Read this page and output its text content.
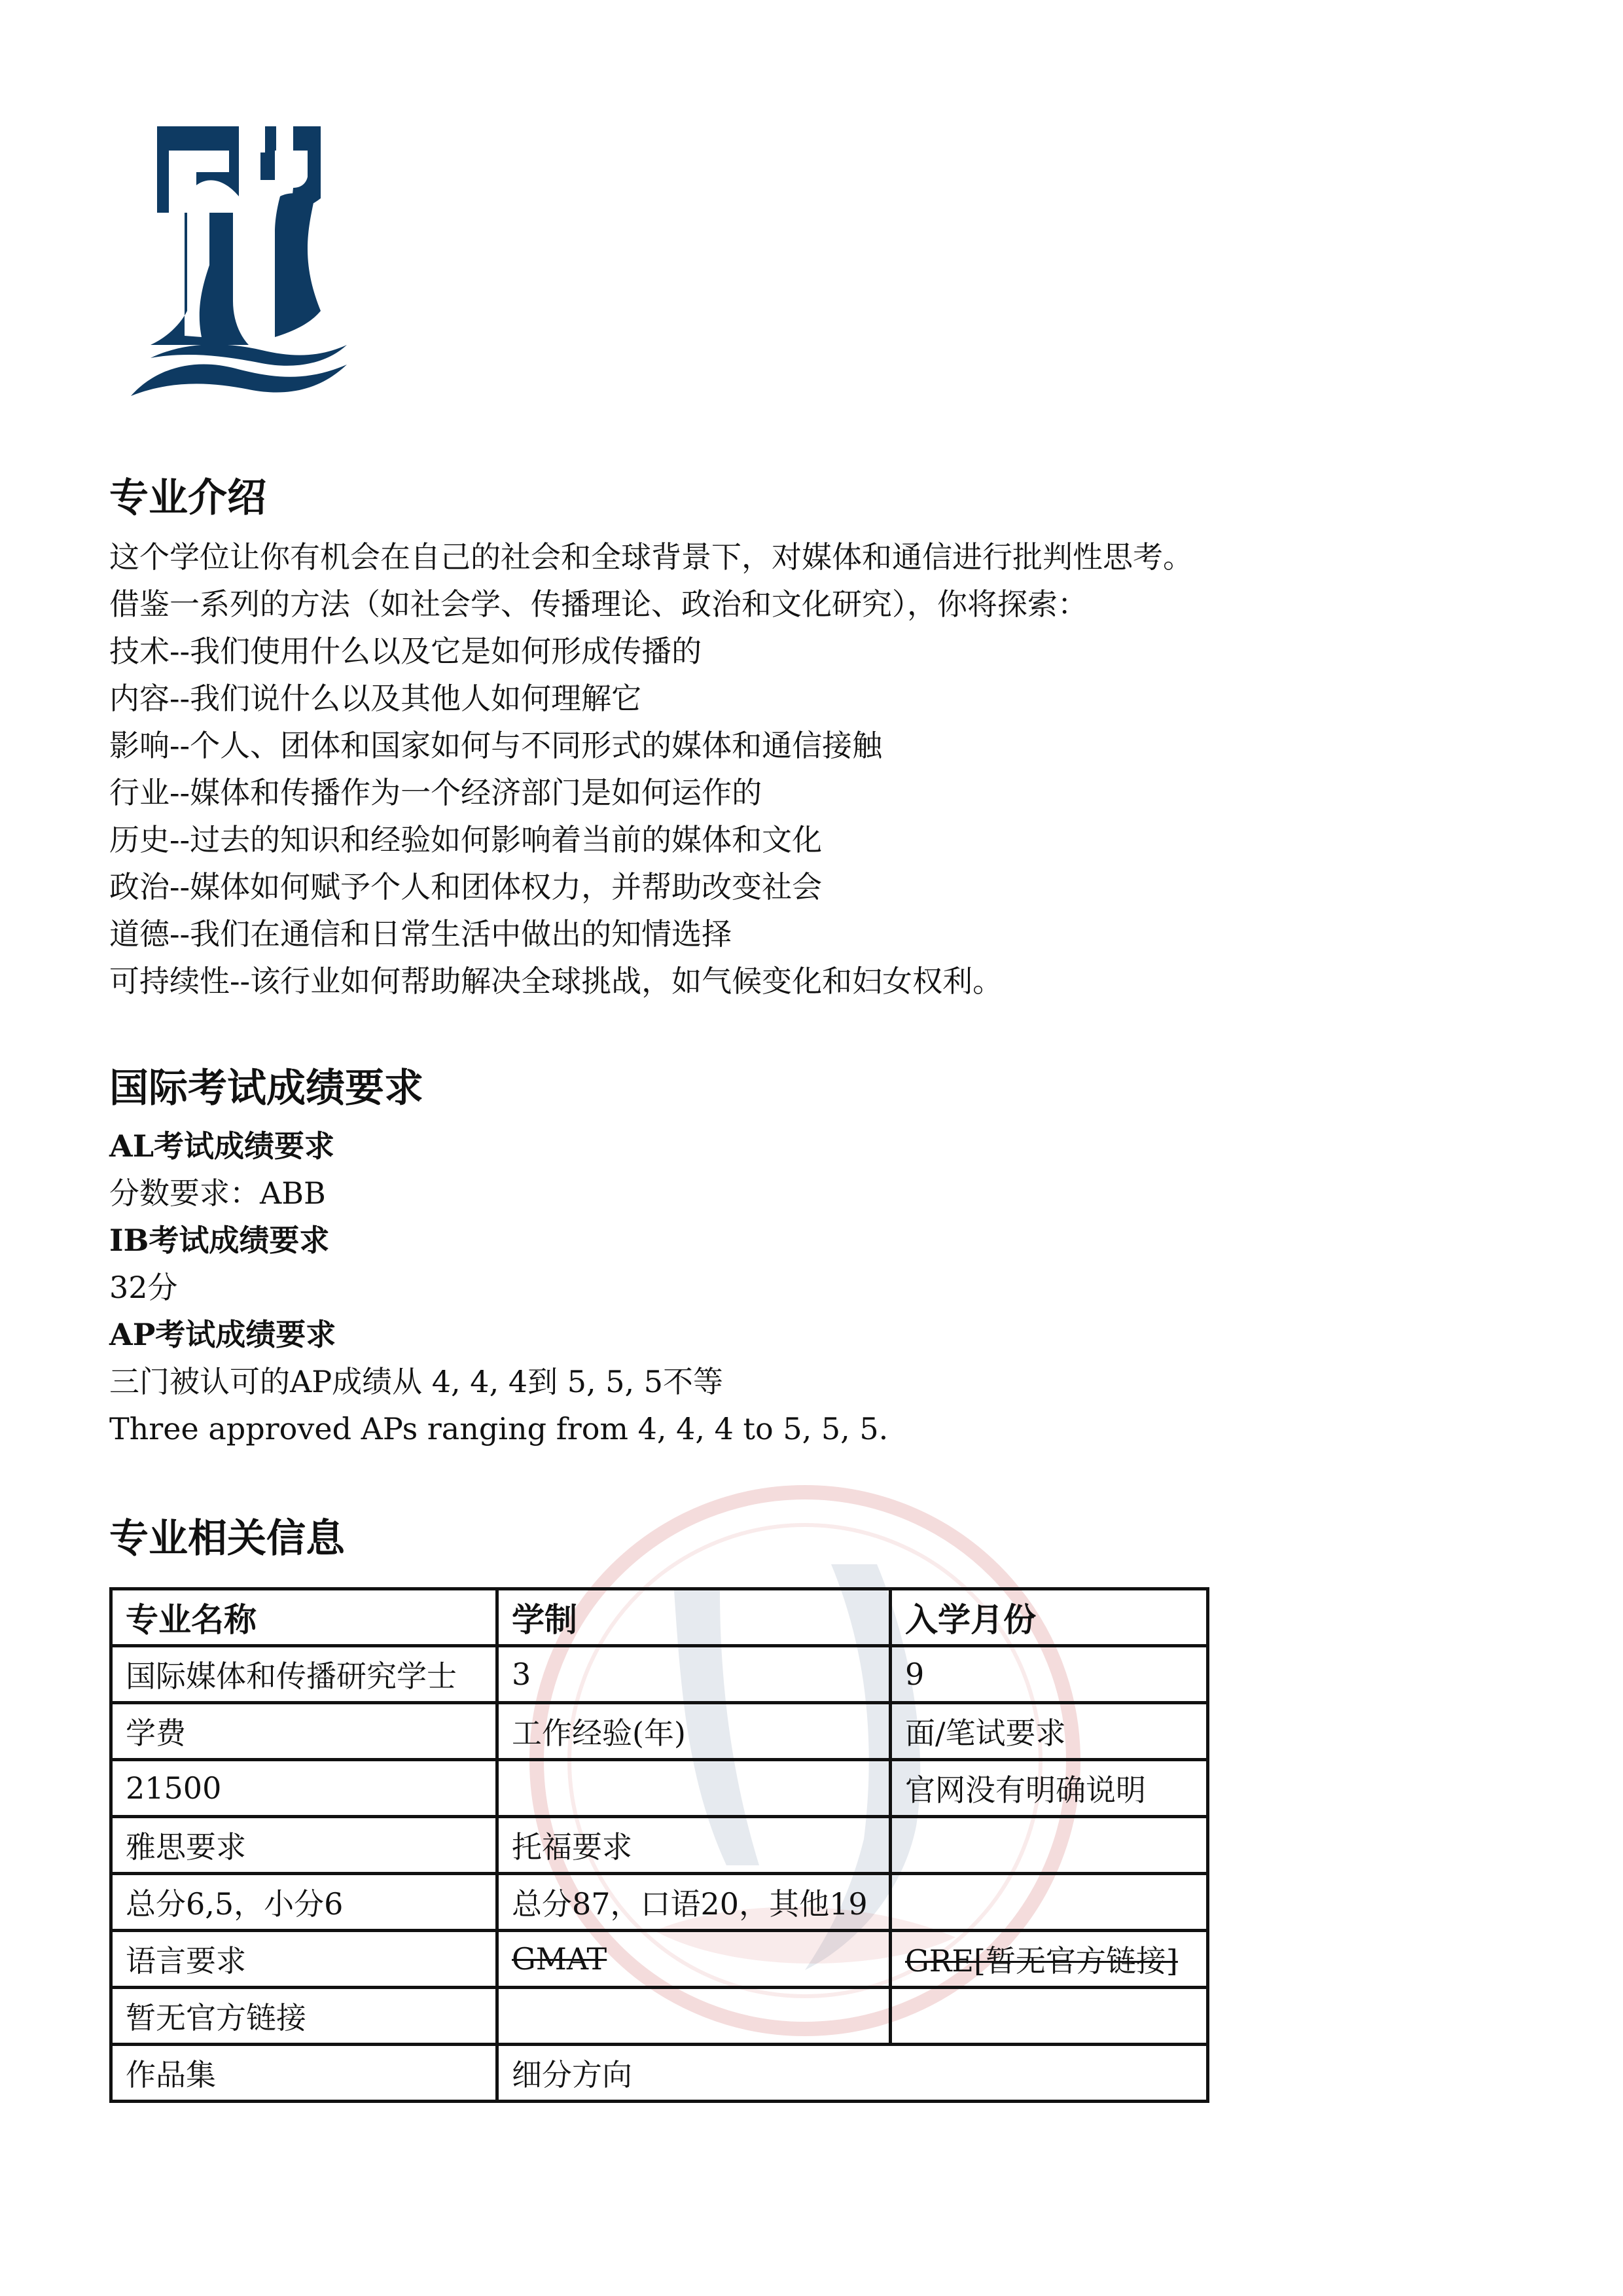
专业介绍
这个学位让你有机会在自己的社会和全球背景下，对媒体和通信进行批判性思考。
借鉴一系列的方法（如社会学、传播理论、政治和文化研究），你将探索：
技术--我们使用什么以及它是如何形成传播的
内容--我们说什么以及其他人如何理解它
影响--个人、团体和国家如何与不同形式的媒体和通信接触
行业--媒体和传播作为一个经济部门是如何运作的
历史--过去的知识和经验如何影响着当前的媒体和文化
政治--媒体如何赋予个人和团体权力，并帮助改变社会
道德--我们在通信和日常生活中做出的知情选择
可持续性--该行业如何帮助解决全球挑战，如气候变化和妇女权利。
国际考试成绩要求
AL考试成绩要求
分数要求：ABB
IB考试成绩要求
32分
AP考试成绩要求
三门被认可的AP成绩从 4, 4, 4到 5, 5, 5不等
Three approved APs ranging from 4, 4, 4 to 5, 5, 5.
专业相关信息
专业名称	学制	入学月份
国际媒体和传播研究学士	3	9
学费	工作经验(年)	面/笔试要求
21500		官网没有明确说明
雅思要求	托福要求	
总分6,5，小分6	总分87，口语20，其他19	
语言要求	GMAT	GRE[暂无官方链接]
暂无官方链接		
作品集	细分方向	
